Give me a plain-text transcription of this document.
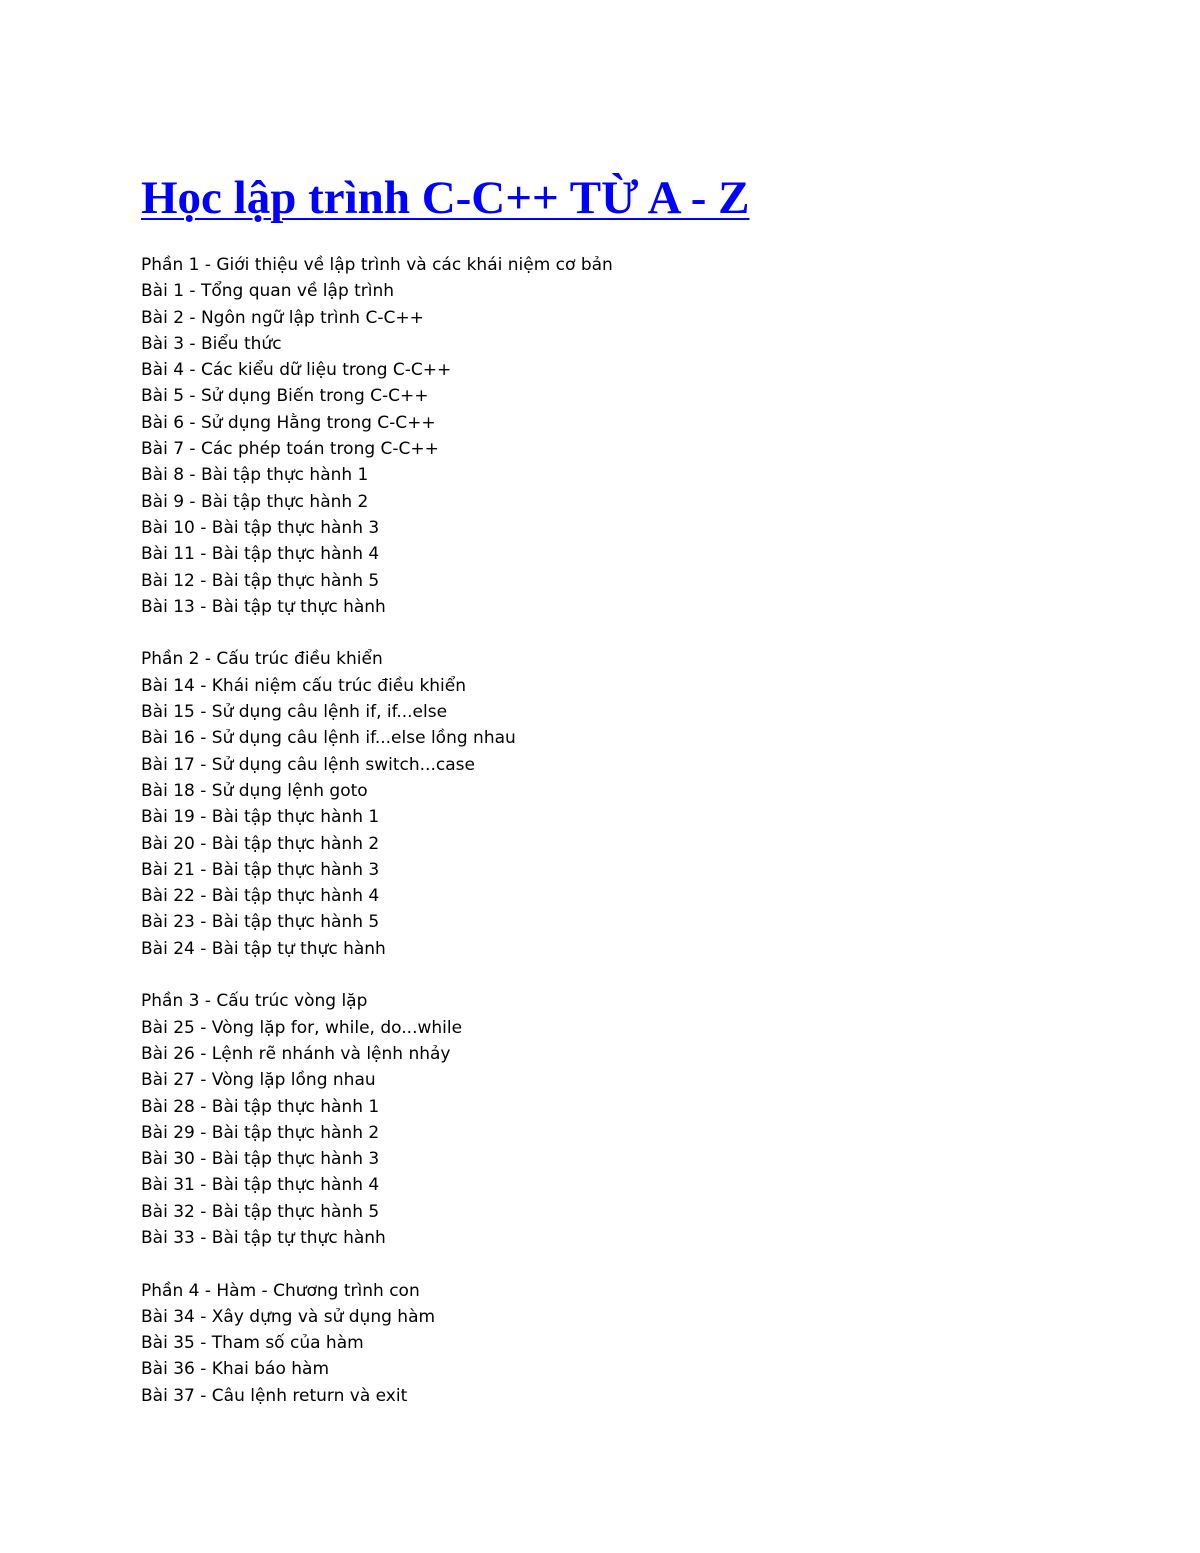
Học lập trình C-C++ TỪ A - Z
Phần 1 - Giới thiệu về lập trình và các khái niệm cơ bản
Bài 1 - Tổng quan về lập trình
Bài 2 - Ngôn ngữ lập trình C-C++
Bài 3 - Biểu thức
Bài 4 - Các kiểu dữ liệu trong C-C++
Bài 5 - Sử dụng Biến trong C-C++
Bài 6 - Sử dụng Hằng trong C-C++
Bài 7 - Các phép toán trong C-C++
Bài 8 - Bài tập thực hành 1
Bài 9 - Bài tập thực hành 2
Bài 10 - Bài tập thực hành 3
Bài 11 - Bài tập thực hành 4
Bài 12 - Bài tập thực hành 5
Bài 13 - Bài tập tự thực hành
Phần 2 - Cấu trúc điều khiển
Bài 14 - Khái niệm cấu trúc điều khiển
Bài 15 - Sử dụng câu lệnh if, if...else
Bài 16 - Sử dụng câu lệnh if...else lồng nhau
Bài 17 - Sử dụng câu lệnh switch...case
Bài 18 - Sử dụng lệnh goto
Bài 19 - Bài tập thực hành 1
Bài 20 - Bài tập thực hành 2
Bài 21 - Bài tập thực hành 3
Bài 22 - Bài tập thực hành 4
Bài 23 - Bài tập thực hành 5
Bài 24 - Bài tập tự thực hành
Phần 3 - Cấu trúc vòng lặp
Bài 25 - Vòng lặp for, while, do...while
Bài 26 - Lệnh rẽ nhánh và lệnh nhảy
Bài 27 - Vòng lặp lồng nhau
Bài 28 - Bài tập thực hành 1
Bài 29 - Bài tập thực hành 2
Bài 30 - Bài tập thực hành 3
Bài 31 - Bài tập thực hành 4
Bài 32 - Bài tập thực hành 5
Bài 33 - Bài tập tự thực hành
Phần 4 - Hàm - Chương trình con
Bài 34 - Xây dựng và sử dụng hàm
Bài 35 - Tham số của hàm
Bài 36 - Khai báo hàm
Bài 37 - Câu lệnh return và exit
